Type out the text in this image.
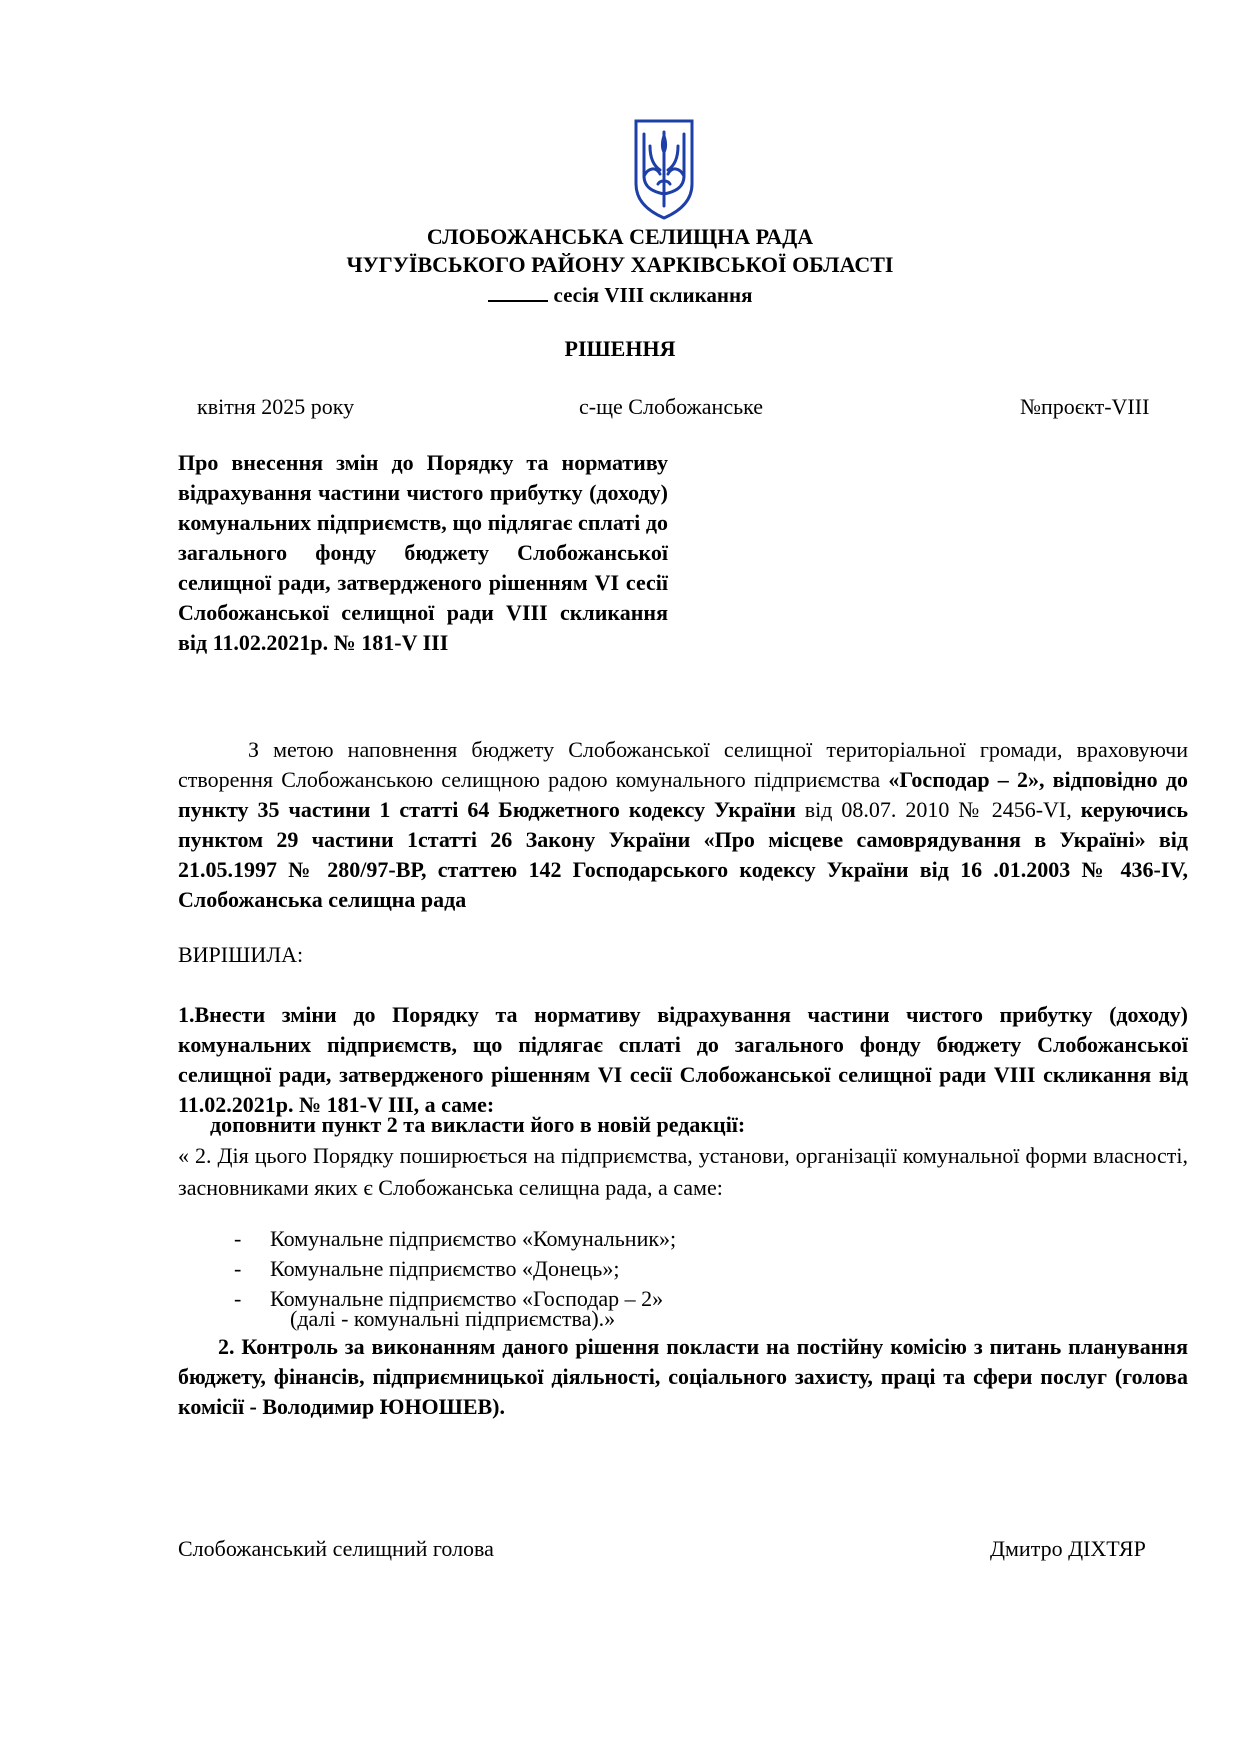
СЛОБОЖАНСЬКА СЕЛИЩНА РАДА
ЧУГУЇВСЬКОГО РАЙОНУ ХАРКІВСЬКОЇ ОБЛАСТІ
сесія VIII скликання
РІШЕННЯ
квітня 2025 року	с-ще Слобожанське	№проєкт-VIII
Про внесення змін до Порядку та нормативу відрахування частини чистого прибутку (доходу) комунальних підприємств, що підлягає сплаті до загального фонду бюджету Слобожанської селищної ради, затвердженого рішенням VI сесії Слобожанської селищної ради VIII скликання від 11.02.2021р. № 181-V ІІІ
З метою наповнення бюджету Слобожанської селищної територіальної громади, враховуючи створення Слобожанською селищною радою комунального підприємства «Господар – 2», відповідно до пункту 35 частини 1 статті 64 Бюджетного кодексу України від 08.07. 2010 № 2456-VI, керуючись пунктом 29 частини 1статті 26 Закону України «Про місцеве самоврядування в Україні» від 21.05.1997 № 280/97-ВР, статтею 142 Господарського кодексу України від 16 .01.2003 № 436-IV, Слобожанська селищна рада
ВИРІШИЛА:
1.Внести зміни до Порядку та нормативу відрахування частини чистого прибутку (доходу) комунальних підприємств, що підлягає сплаті до загального фонду бюджету Слобожанської селищної ради, затвердженого рішенням VI сесії Слобожанської селищної ради VIII скликання від 11.02.2021р. № 181-V ІІІ, а саме:
доповнити пункт 2 та викласти його в новій редакції:
« 2. Дія цього Порядку поширюється на підприємства, установи, організації комунальної форми власності, засновниками яких є Слобожанська селищна рада, а саме:
- Комунальне підприємство «Комунальник»;
- Комунальне підприємство «Донець»;
- Комунальне підприємство «Господар – 2»
(далі - комунальні підприємства).»
2. Контроль за виконанням даного рішення покласти на постійну комісію з питань планування бюджету, фінансів, підприємницької діяльності, соціального захисту, праці та сфери послуг (голова комісії - Володимир ЮНОШЕВ).
Слобожанський селищний голова	Дмитро ДІХТЯР
